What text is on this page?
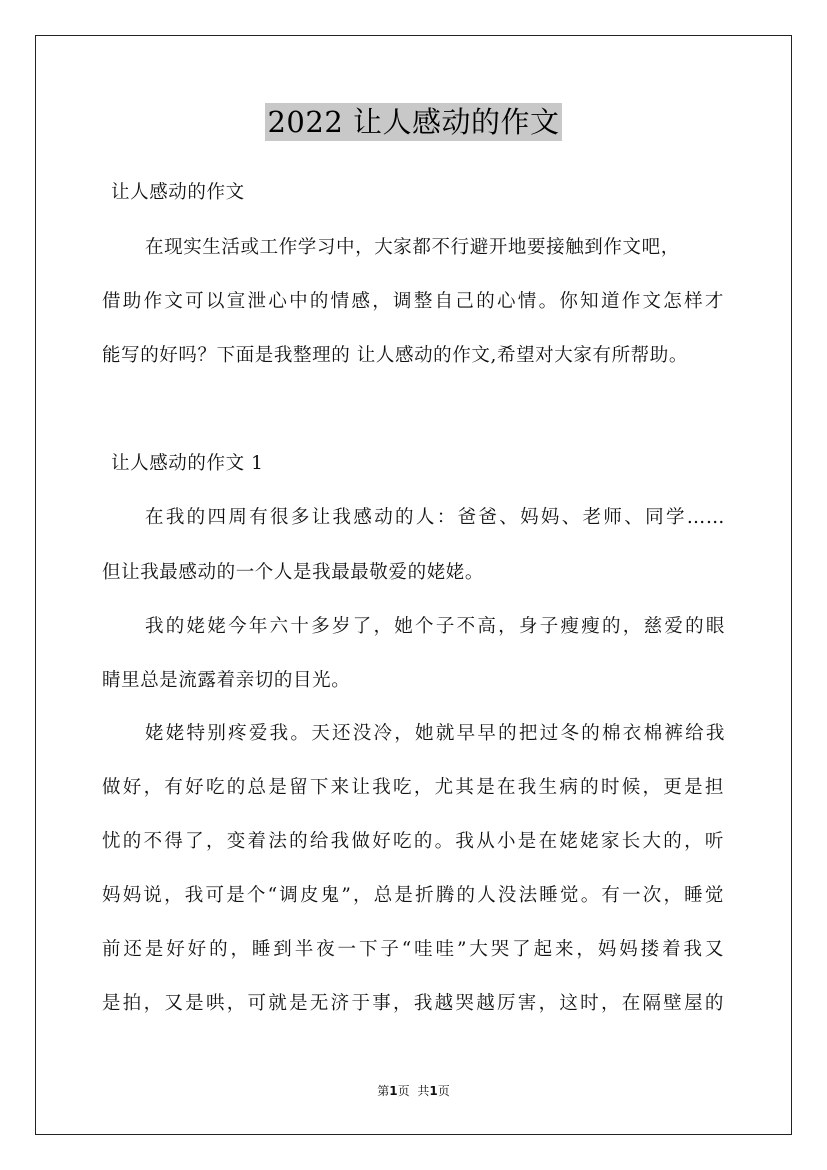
2022 让人感动的作文
让人感动的作文
在现实生活或工作学习中，大家都不行避开地要接触到作文吧，
借助作文可以宣泄心中的情感，调整自己的心情。你知道作文怎样才
能写的好吗？下面是我整理的 让人感动的作文,希望对大家有所帮助。
让人感动的作文 1
在我的四周有很多让我感动的人：爸爸、妈妈、老师、同学……
但让我最感动的一个人是我最最敬爱的姥姥。
我的姥姥今年六十多岁了，她个子不高，身子瘦瘦的，慈爱的眼
睛里总是流露着亲切的目光。
姥姥特别疼爱我。天还没冷，她就早早的把过冬的棉衣棉裤给我
做好，有好吃的总是留下来让我吃，尤其是在我生病的时候，更是担
忧的不得了，变着法的给我做好吃的。我从小是在姥姥家长大的，听
妈妈说，我可是个“调皮鬼”，总是折腾的人没法睡觉。有一次，睡觉
前还是好好的，睡到半夜一下子“哇哇”大哭了起来，妈妈搂着我又
是拍，又是哄，可就是无济于事，我越哭越厉害，这时，在隔壁屋的
第1页 共1页
